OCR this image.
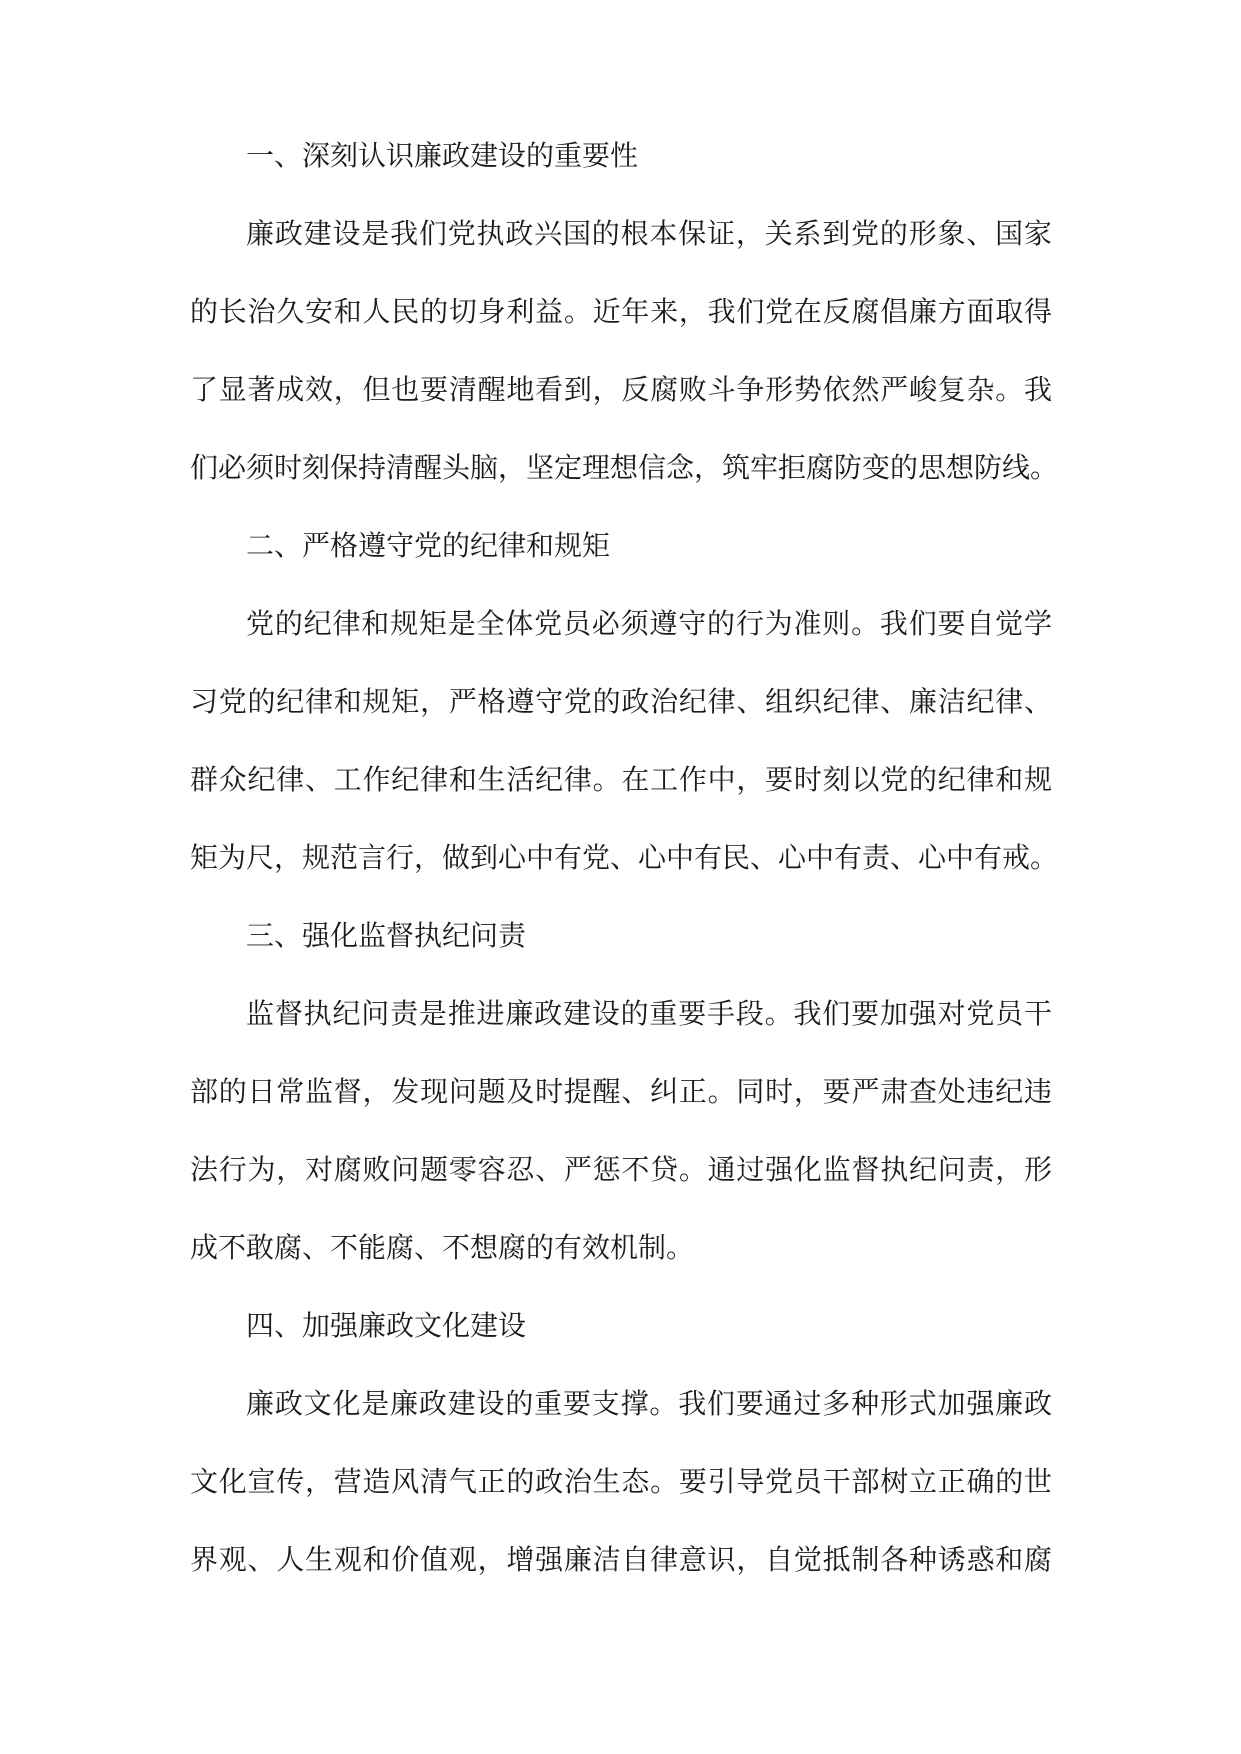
一、深刻认识廉政建设的重要性

廉政建设是我们党执政兴国的根本保证，关系到党的形象、国家

的长治久安和人民的切身利益。近年来，我们党在反腐倡廉方面取得

了显著成效，但也要清醒地看到，反腐败斗争形势依然严峻复杂。我

们必须时刻保持清醒头脑，坚定理想信念，筑牢拒腐防变的思想防线。

二、严格遵守党的纪律和规矩

党的纪律和规矩是全体党员必须遵守的行为准则。我们要自觉学

习党的纪律和规矩，严格遵守党的政治纪律、组织纪律、廉洁纪律、

群众纪律、工作纪律和生活纪律。在工作中，要时刻以党的纪律和规

矩为尺，规范言行，做到心中有党、心中有民、心中有责、心中有戒。

三、强化监督执纪问责

监督执纪问责是推进廉政建设的重要手段。我们要加强对党员干

部的日常监督，发现问题及时提醒、纠正。同时，要严肃查处违纪违

法行为，对腐败问题零容忍、严惩不贷。通过强化监督执纪问责，形

成不敢腐、不能腐、不想腐的有效机制。

四、加强廉政文化建设

廉政文化是廉政建设的重要支撑。我们要通过多种形式加强廉政

文化宣传，营造风清气正的政治生态。要引导党员干部树立正确的世

界观、人生观和价值观，增强廉洁自律意识，自觉抵制各种诱惑和腐
